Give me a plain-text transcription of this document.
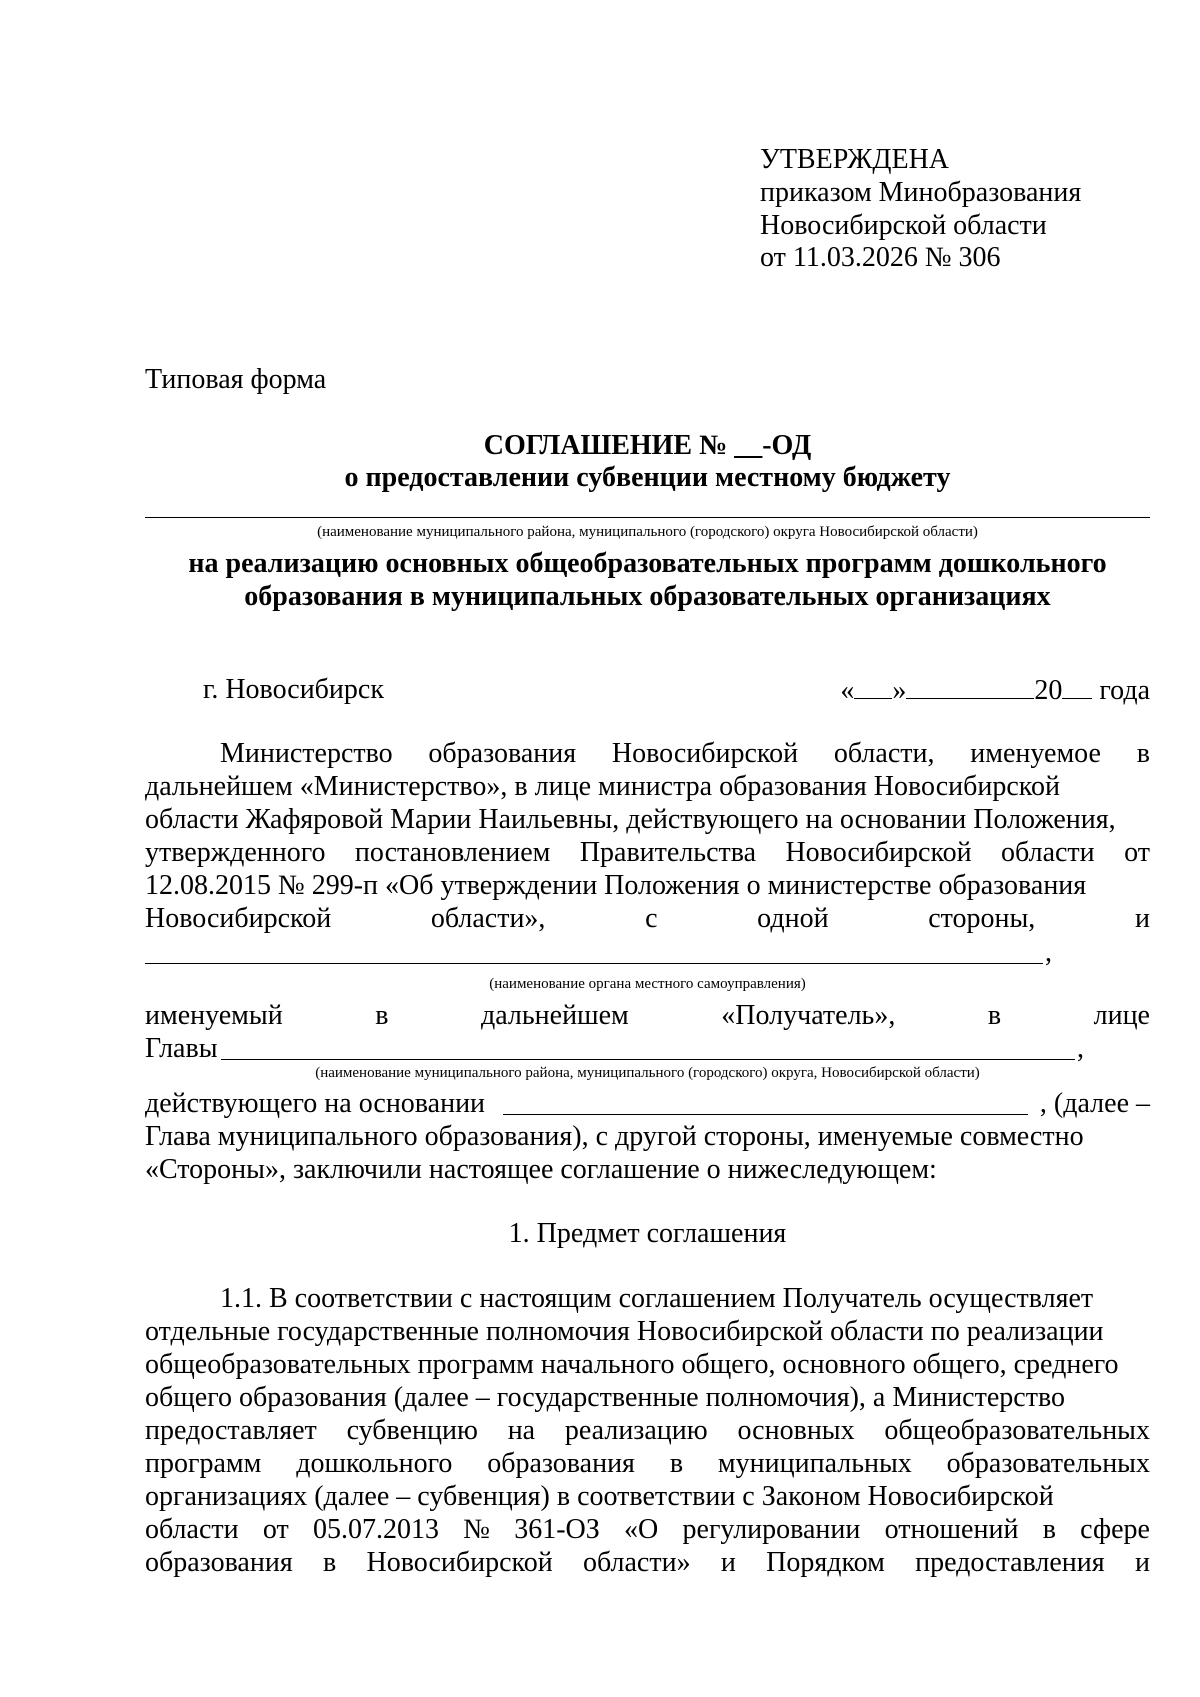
УТВЕРЖДЕНА
приказом Минобразования
Новосибирской области
от 11.03.2026 № 306
Типовая форма
СОГЛАШЕНИЕ № __-ОД
о предоставлении субвенции местному бюджету
(наименование муниципального района, муниципального (городского) округа Новосибирской области)
на реализацию основных общеобразовательных программ дошкольного
образования в муниципальных образовательных организациях
г. Новосибирск	« »	20 года
Министерство образования Новосибирской области, именуемое в
дальнейшем «Министерство», в лице министра образования Новосибирской
области Жафяровой Марии Наильевны, действующего на основании Положения,
утвержденного постановлением Правительства Новосибирской области от
12.08.2015 № 299-п «Об утверждении Положения о министерстве образования
Новосибирской	области»,	с	одной	стороны,	и
,
(наименование органа местного самоуправления)
именуемый	в	дальнейшем	«Получатель»,	в	лице
Главы	,
(наименование муниципального района, муниципального (городского) округа, Новосибирской области)
действующего на основании	, (далее –
Глава муниципального образования), с другой стороны, именуемые совместно
«Стороны», заключили настоящее соглашение о нижеследующем:
1. Предмет соглашения
1.1. В соответствии с настоящим соглашением Получатель осуществляет
отдельные государственные полномочия Новосибирской области по реализации
общеобразовательных программ начального общего, основного общего, среднего
общего образования (далее – государственные полномочия), а Министерство
предоставляет субвенцию на реализацию основных общеобразовательных
программ дошкольного образования в муниципальных образовательных
организациях (далее – субвенция) в соответствии с Законом Новосибирской
области от 05.07.2013 № 361-ОЗ «О регулировании отношений в сфере
образования в Новосибирской области» и Порядком предоставления и
